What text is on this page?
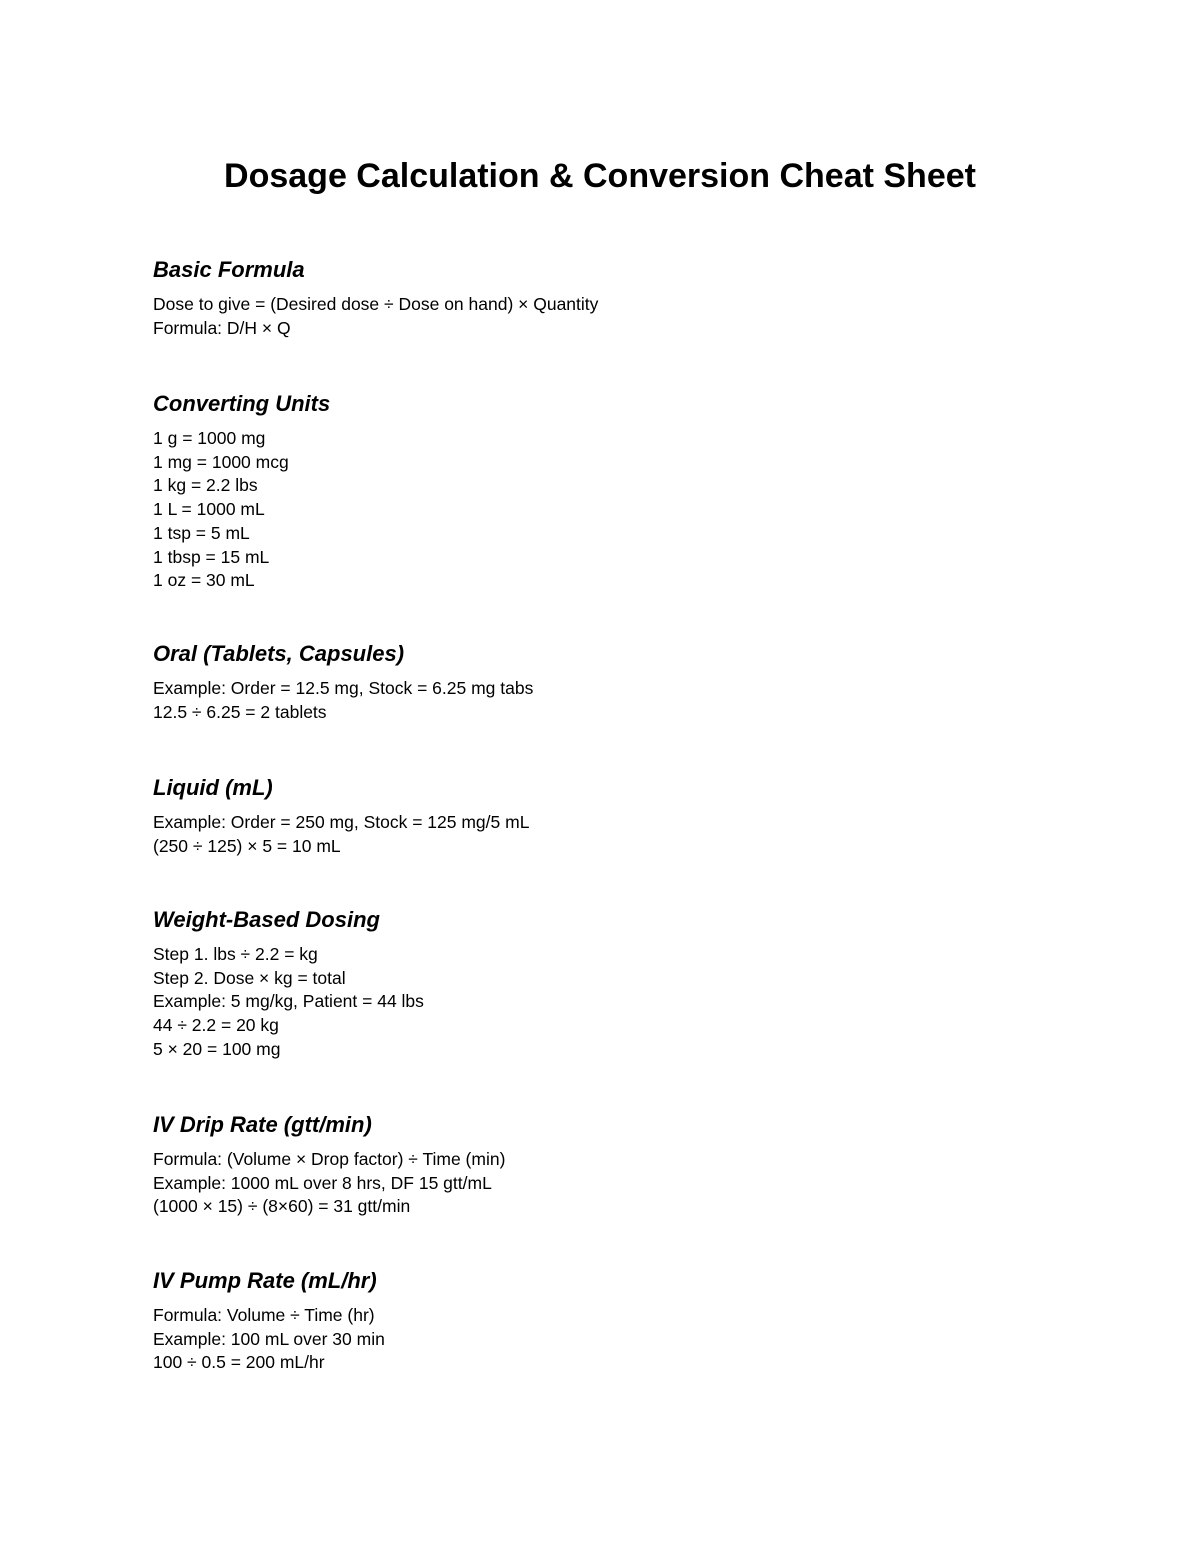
Dosage Calculation & Conversion Cheat Sheet
Basic Formula
Dose to give = (Desired dose ÷ Dose on hand) × Quantity
Formula: D/H × Q
Converting Units
1 g = 1000 mg
1 mg = 1000 mcg
1 kg = 2.2 lbs
1 L = 1000 mL
1 tsp = 5 mL
1 tbsp = 15 mL
1 oz = 30 mL
Oral (Tablets, Capsules)
Example: Order = 12.5 mg, Stock = 6.25 mg tabs
12.5 ÷ 6.25 = 2 tablets
Liquid (mL)
Example: Order = 250 mg, Stock = 125 mg/5 mL
(250 ÷ 125) × 5 = 10 mL
Weight-Based Dosing
Step 1. lbs ÷ 2.2 = kg
Step 2. Dose × kg = total
Example: 5 mg/kg, Patient = 44 lbs
44 ÷ 2.2 = 20 kg
5 × 20 = 100 mg
IV Drip Rate (gtt/min)
Formula: (Volume × Drop factor) ÷ Time (min)
Example: 1000 mL over 8 hrs, DF 15 gtt/mL
(1000 × 15) ÷ (8×60) = 31 gtt/min
IV Pump Rate (mL/hr)
Formula: Volume ÷ Time (hr)
Example: 100 mL over 30 min
100 ÷ 0.5 = 200 mL/hr
